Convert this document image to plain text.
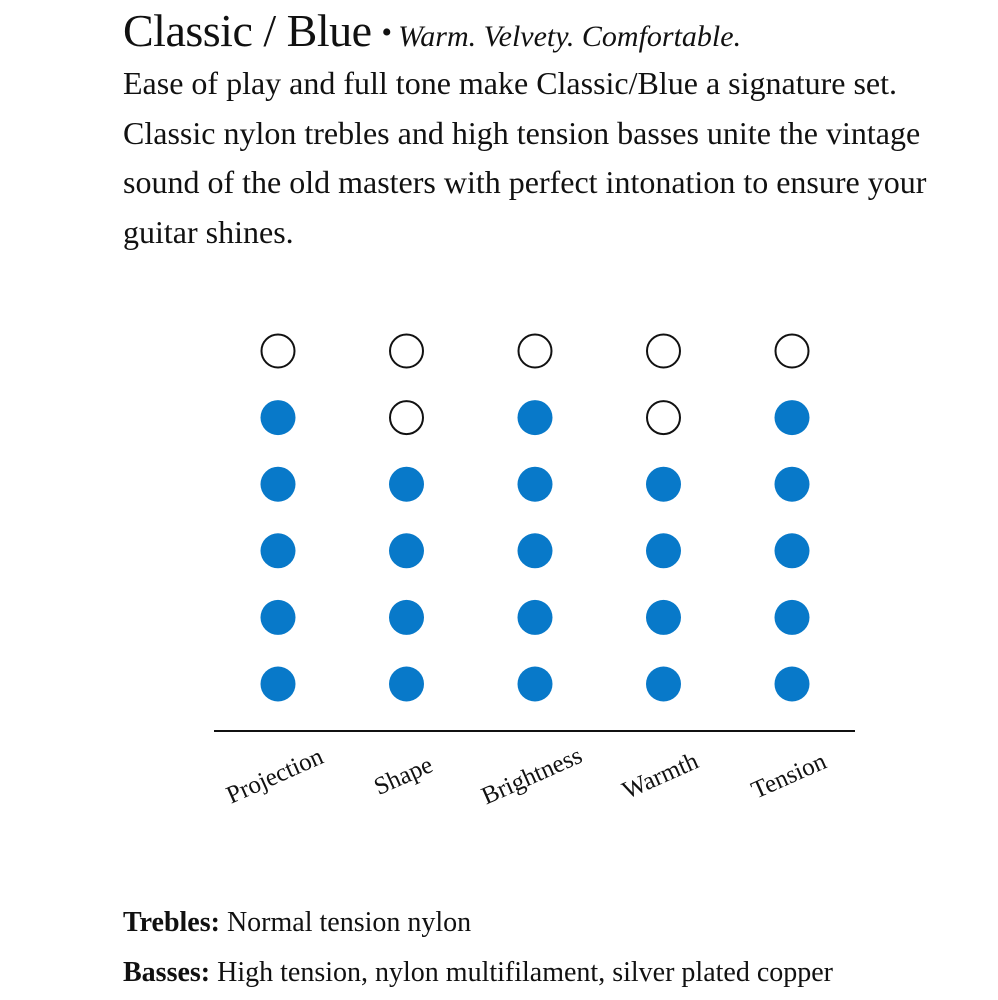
Classic / Blue • Warm. Velvety. Comfortable.

Ease of play and full tone make Classic/Blue a signature set. Classic nylon trebles and high tension basses unite the vintage sound of the old masters with perfect intonation to ensure your guitar shines.

Projection Shape Brightness Warmth Tension
Trebles: Normal tension nylon
Basses: High tension, nylon multifilament, silver plated copper
